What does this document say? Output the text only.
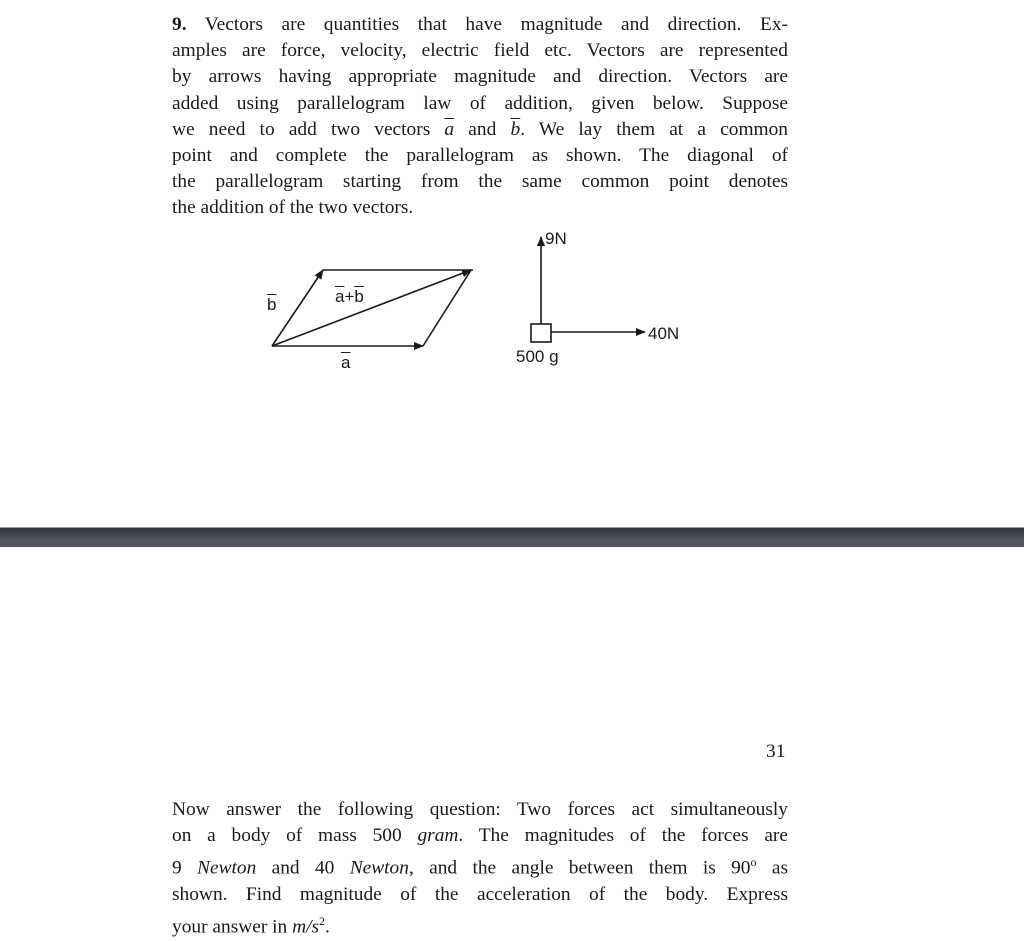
9. Vectors are quantities that have magnitude and direction. Ex-
amples are force, velocity, electric field etc. Vectors are represented
by arrows having appropriate magnitude and direction. Vectors are
added using parallelogram law of addition, given below. Suppose
we need to add two vectors $\overline{a}$ and $\overline{b}$. We lay them at a common
point and complete the parallelogram as shown. The diagonal of
the parallelogram starting from the same common point denotes
the addition of the two vectors.
$\overline{b}$	$\overline{a}+\overline{b}$
$\overline{a}$
9N
40N
500 g
31
Now answer the following question: Two forces act simultaneously
on a body of mass 500 gram. The magnitudes of the forces are
9 Newton and 40 Newton, and the angle between them is 90$^o$ as
shown. Find magnitude of the acceleration of the body. Express
your answer in $m/s^2$.
